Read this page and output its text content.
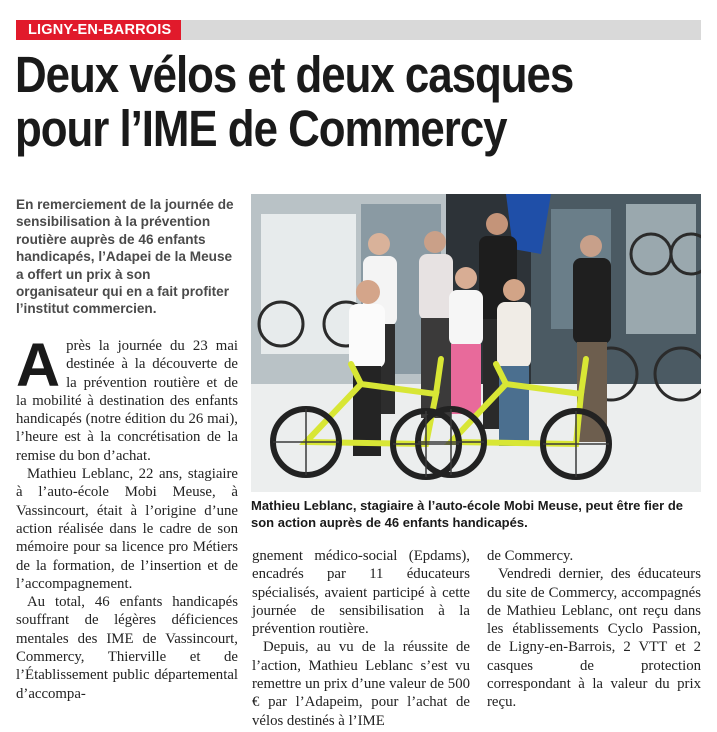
LIGNY-EN-BARROIS
Deux vélos et deux casques
pour l’IME de Commercy
En remerciement de la journée de sensibilisation à la prévention routière auprès de 46 enfants handicapés, l’Adapei de la Meuse a offert un prix à son organisateur qui en a fait profiter l’institut commercien.
Mathieu Leblanc, stagiaire à l’auto-école Mobi Meuse, peut être fier de son action auprès de 46 enfants handicapés.

Après la journée du 23 mai destinée à la découverte de la prévention routière et de la mobilité à destination des enfants handicapés (notre édition du 26 mai), l’heure est à la concrétisation de la remise du bon d’achat.

Mathieu Leblanc, 22 ans, stagiaire à l’auto-école Mobi Meuse, à Vassincourt, était à l’origine d’une action réalisée dans le cadre de son mémoire pour sa licence pro Métiers de la formation, de l’insertion et de l’accompagnement.

Au total, 46 enfants handicapés souffrant de légères déficiences mentales des IME de Vassincourt, Commercy, Thierville et de l’Établissement public départemental d’accompa-

gnement médico-social (Epdams), encadrés par 11 éducateurs spécialisés, avaient participé à cette journée de sensibilisation à la prévention routière.

Depuis, au vu de la réussite de l’action, Mathieu Leblanc s’est vu remettre un prix d’une valeur de 500 € par l’Adapeim, pour l’achat de vélos destinés à l’IME

de Commercy.

Vendredi dernier, des éducateurs du site de Commercy, accompagnés de Mathieu Leblanc, ont reçu dans les établissements Cyclo Passion, de Ligny-en-Barrois, 2 VTT et 2 casques de protection correspondant à la valeur du prix reçu.
